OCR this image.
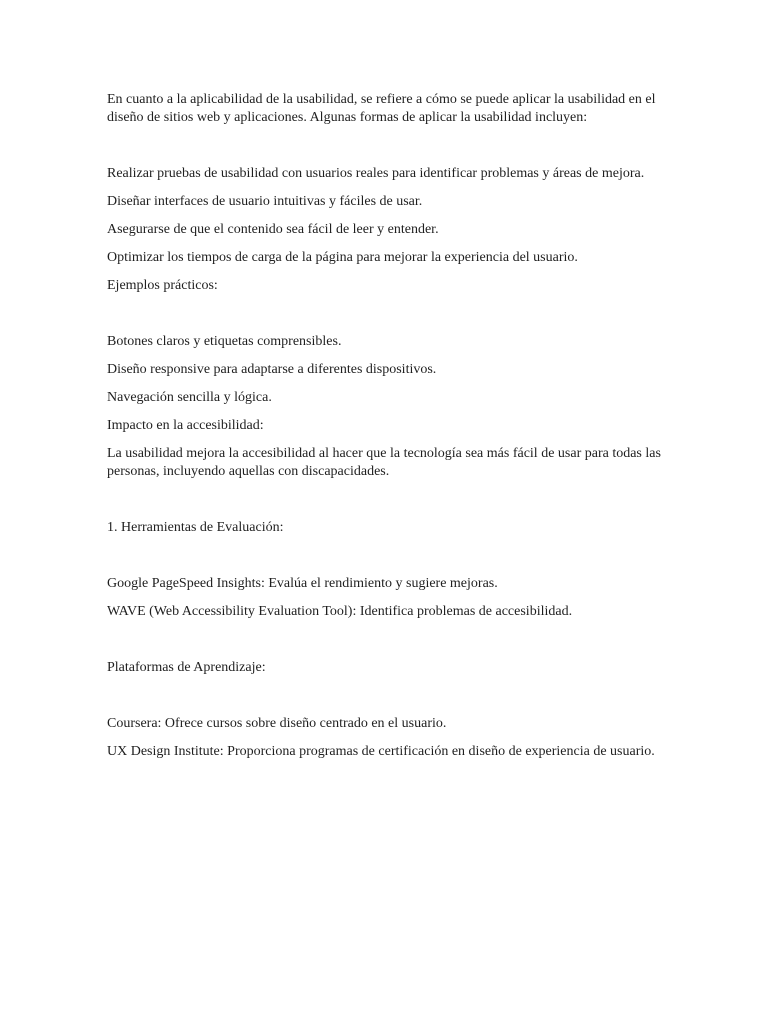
En cuanto a la aplicabilidad de la usabilidad, se refiere a cómo se puede aplicar la usabilidad en el diseño de sitios web y aplicaciones. Algunas formas de aplicar la usabilidad incluyen:

Realizar pruebas de usabilidad con usuarios reales para identificar problemas y áreas de mejora.

Diseñar interfaces de usuario intuitivas y fáciles de usar.

Asegurarse de que el contenido sea fácil de leer y entender.

Optimizar los tiempos de carga de la página para mejorar la experiencia del usuario.

Ejemplos prácticos:

Botones claros y etiquetas comprensibles.

Diseño responsive para adaptarse a diferentes dispositivos.

Navegación sencilla y lógica.

Impacto en la accesibilidad:

La usabilidad mejora la accesibilidad al hacer que la tecnología sea más fácil de usar para todas las personas, incluyendo aquellas con discapacidades.

1. Herramientas de Evaluación:

Google PageSpeed Insights: Evalúa el rendimiento y sugiere mejoras.

WAVE (Web Accessibility Evaluation Tool): Identifica problemas de accesibilidad.

Plataformas de Aprendizaje:

Coursera: Ofrece cursos sobre diseño centrado en el usuario.

UX Design Institute: Proporciona programas de certificación en diseño de experiencia de usuario.
